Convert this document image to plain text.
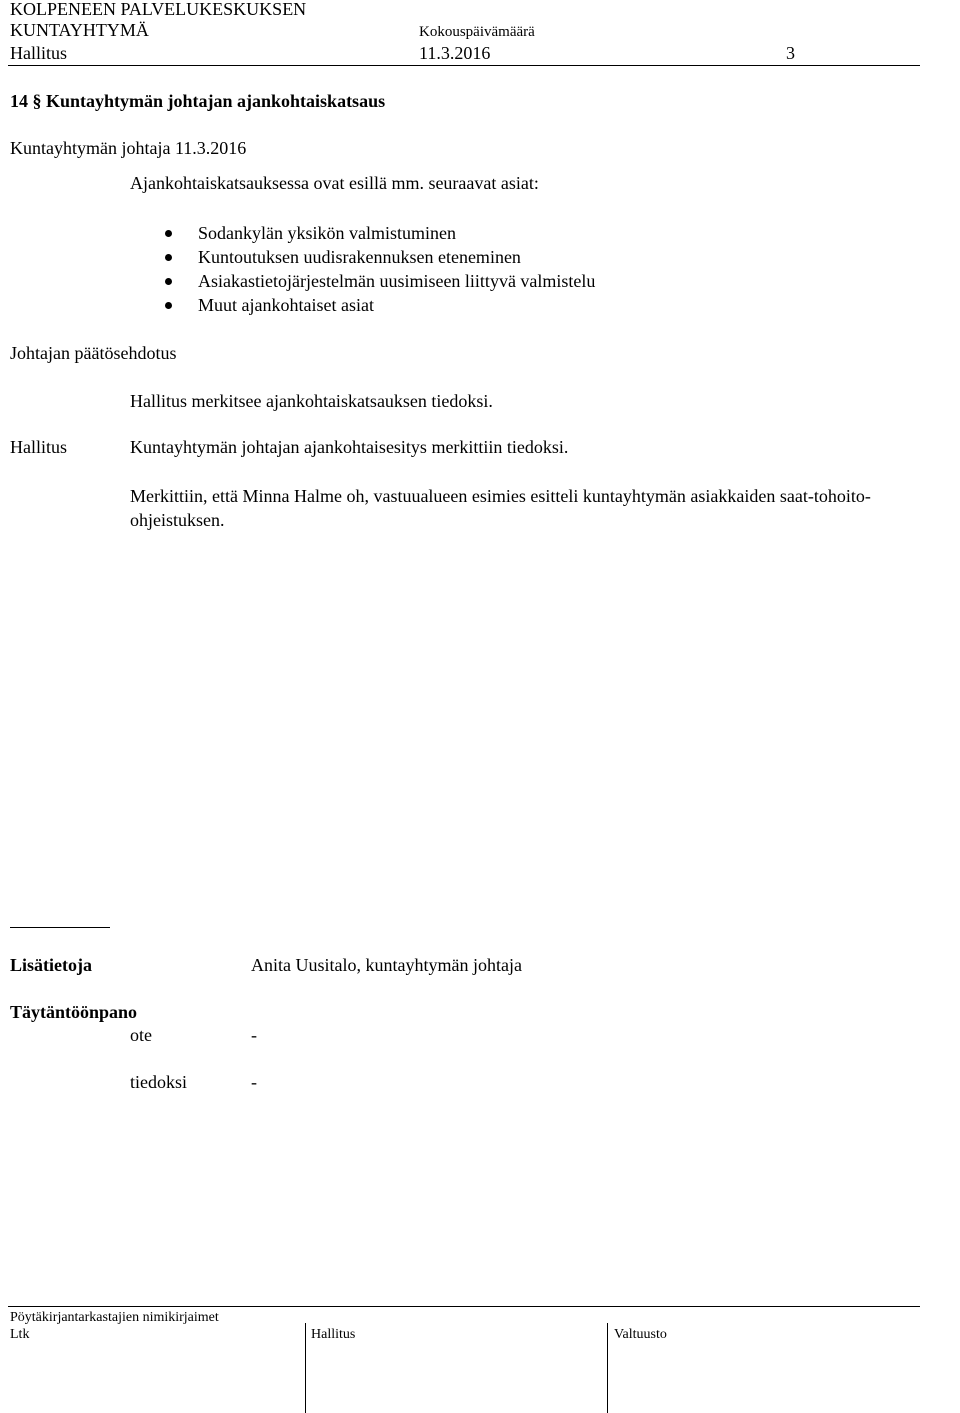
KOLPENEEN PALVELUKESKUKSEN
KUNTAYHTYMÄ	Kokouspäivämäärä
Hallitus	11.3.2016	3
14 § Kuntayhtymän johtajan ajankohtaiskatsaus
Kuntayhtymän johtaja 11.3.2016
Ajankohtaiskatsauksessa ovat esillä mm. seuraavat asiat:
Sodankylän yksikön valmistuminen
Kuntoutuksen uudisrakennuksen eteneminen
Asiakastietojärjestelmän uusimiseen liittyvä valmistelu
Muut ajankohtaiset asiat
Johtajan päätösehdotus
Hallitus merkitsee ajankohtaiskatsauksen tiedoksi.
Hallitus	Kuntayhtymän johtajan ajankohtaisesitys merkittiin tiedoksi.
Merkittiin, että Minna Halme oh, vastuualueen esimies esitteli kuntayhtymän asiakkaiden saat-tohoito-ohjeistuksen.
Lisätietoja	Anita Uusitalo, kuntayhtymän johtaja
Täytäntöönpano
ote	-
tiedoksi	-
Pöytäkirjantarkastajien nimikirjaimet
Ltk	Hallitus	Valtuusto
